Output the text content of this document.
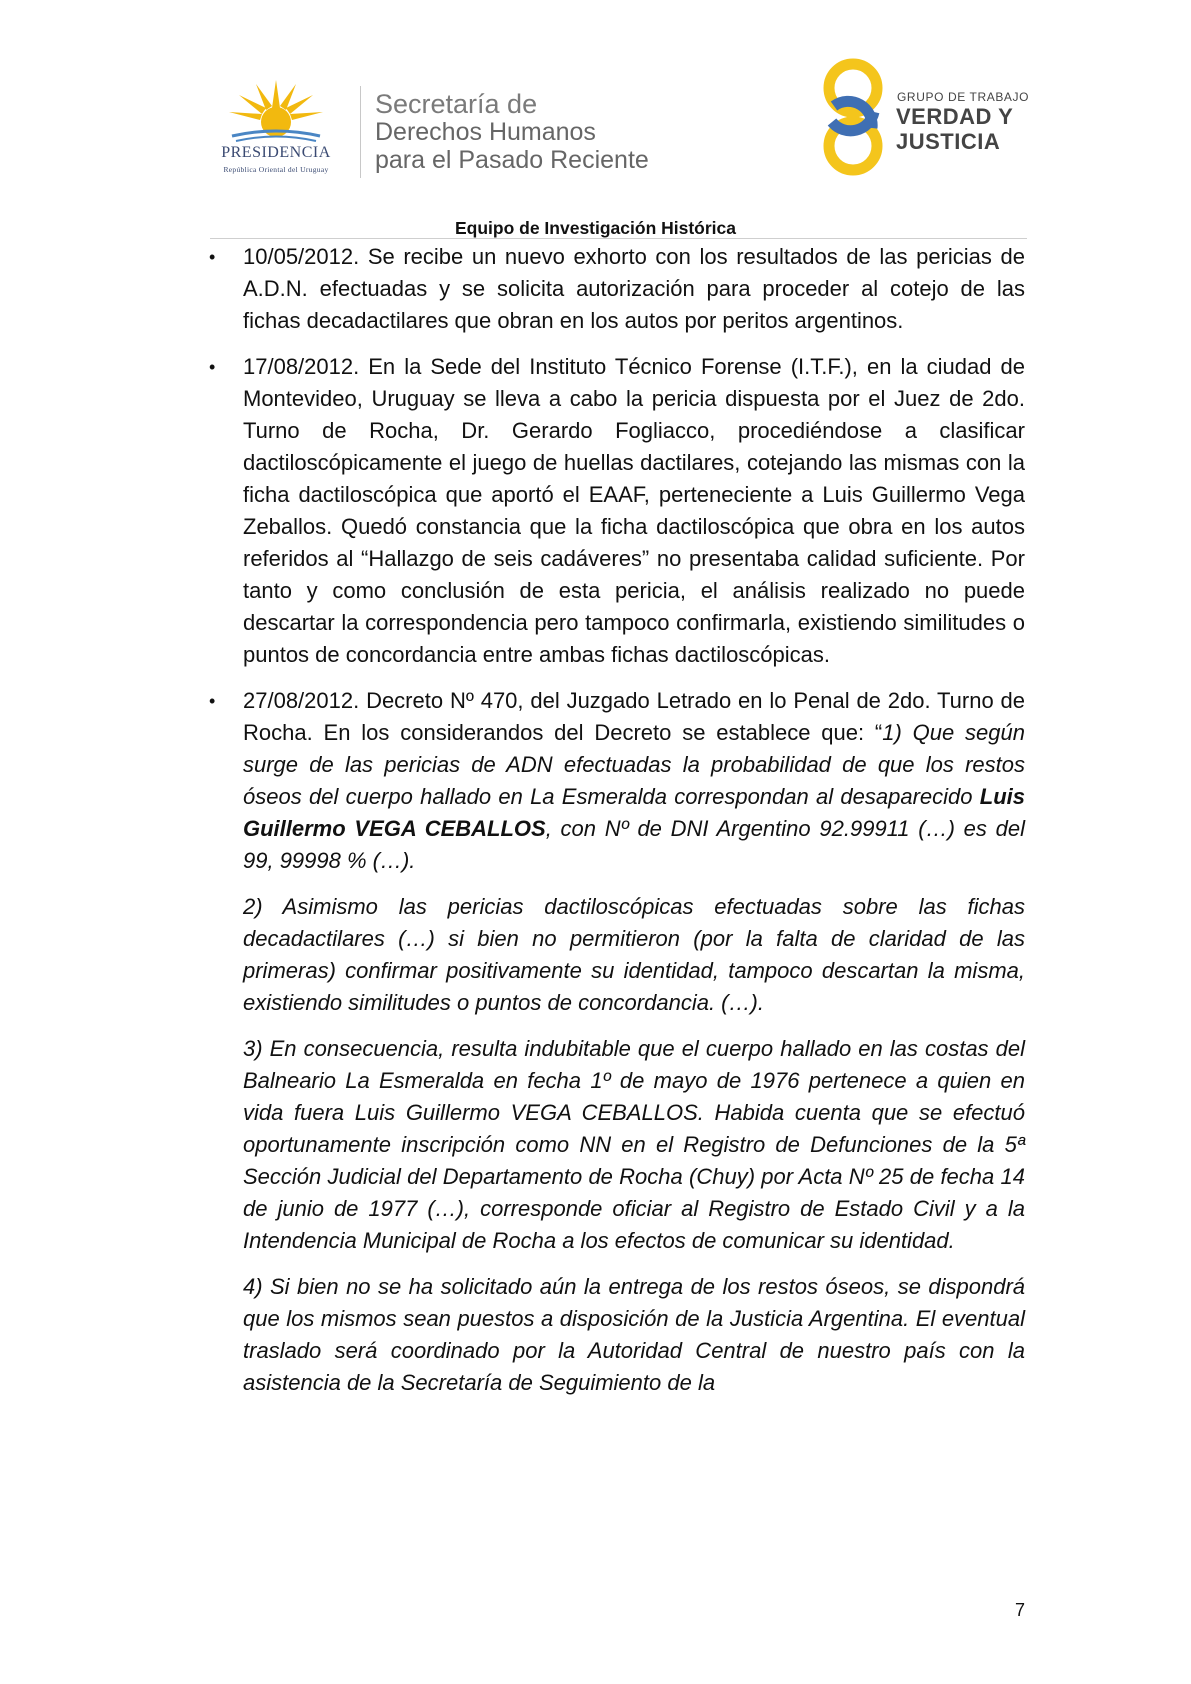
PRESIDENCIA
República Oriental del Uruguay
Secretaría de
Derechos Humanos
para el Pasado Reciente
GRUPO DE TRABAJO
VERDAD Y
JUSTICIA
Equipo de Investigación Histórica
• 10/05/2012. Se recibe un nuevo exhorto con los resultados de las pericias de A.D.N. efectuadas y se solicita autorización para proceder al cotejo de las fichas decadactilares que obran en los autos por peritos argentinos.
• 17/08/2012. En la Sede del Instituto Técnico Forense (I.T.F.), en la ciudad de Montevideo, Uruguay se lleva a cabo la pericia dispuesta por el Juez de 2do. Turno de Rocha, Dr. Gerardo Fogliacco, procediéndose a clasificar dactiloscópicamente el juego de huellas dactilares, cotejando las mismas con la ficha dactiloscópica que aportó el EAAF, perteneciente a Luis Guillermo Vega Zeballos. Quedó constancia que la ficha dactiloscópica que obra en los autos referidos al “Hallazgo de seis cadáveres” no presentaba calidad suficiente. Por tanto y como conclusión de esta pericia, el análisis realizado no puede descartar la correspondencia pero tampoco confirmarla, existiendo similitudes o puntos de concordancia entre ambas fichas dactiloscópicas.
• 27/08/2012. Decreto Nº 470, del Juzgado Letrado en lo Penal de 2do. Turno de Rocha. En los considerandos del Decreto se establece que: “1) Que según surge de las pericias de ADN efectuadas la probabilidad de que los restos óseos del cuerpo hallado en La Esmeralda correspondan al desaparecido Luis Guillermo VEGA CEBALLOS, con Nº de DNI Argentino 92.99911 (…) es del 99, 99998 % (…).
2) Asimismo las pericias dactiloscópicas efectuadas sobre las fichas decadactilares (…) si bien no permitieron (por la falta de claridad de las primeras) confirmar positivamente su identidad, tampoco descartan la misma, existiendo similitudes o puntos de concordancia. (…).
3) En consecuencia, resulta indubitable que el cuerpo hallado en las costas del Balneario La Esmeralda en fecha 1º de mayo de 1976 pertenece a quien en vida fuera Luis Guillermo VEGA CEBALLOS. Habida cuenta que se efectuó oportunamente inscripción como NN en el Registro de Defunciones de la 5ª Sección Judicial del Departamento de Rocha (Chuy) por Acta Nº 25 de fecha 14 de junio de 1977 (…), corresponde oficiar al Registro de Estado Civil y a la Intendencia Municipal de Rocha a los efectos de comunicar su identidad.
4) Si bien no se ha solicitado aún la entrega de los restos óseos, se dispondrá que los mismos sean puestos a disposición de la Justicia Argentina. El eventual traslado será coordinado por la Autoridad Central de nuestro país con la asistencia de la Secretaría de Seguimiento de la
7
